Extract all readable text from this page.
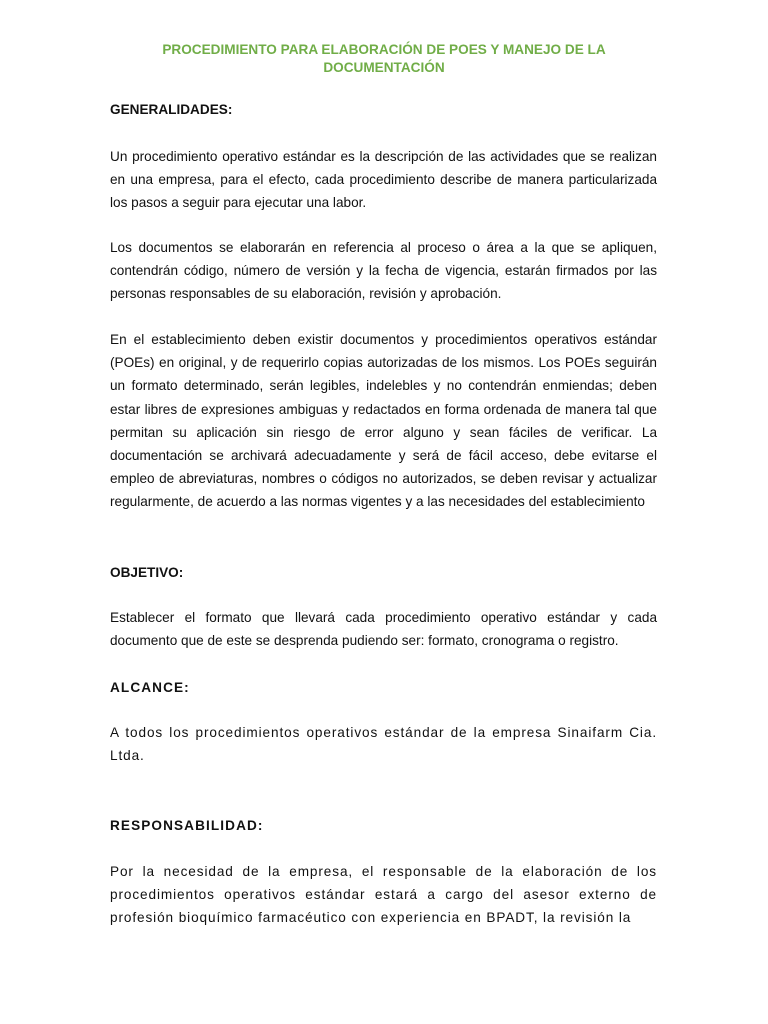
PROCEDIMIENTO PARA ELABORACIÓN DE POES Y MANEJO DE LA DOCUMENTACIÓN
GENERALIDADES:

Un procedimiento operativo estándar es la descripción de las actividades que se realizan en una empresa, para el efecto, cada procedimiento describe de manera particularizada los pasos a seguir para ejecutar una labor.

Los documentos se elaborarán en referencia al proceso o área a la que se apliquen, contendrán código, número de versión y la fecha de vigencia, estarán firmados por las personas responsables de su elaboración, revisión y aprobación.

En el establecimiento deben existir documentos y procedimientos operativos estándar (POEs) en original, y de requerirlo copias autorizadas de los mismos. Los POEs seguirán un formato determinado, serán legibles, indelebles y no contendrán enmiendas; deben estar libres de expresiones ambiguas y redactados en forma ordenada de manera tal que permitan su aplicación sin riesgo de error alguno y sean fáciles de verificar. La documentación se archivará adecuadamente y será de fácil acceso, debe evitarse el empleo de abreviaturas, nombres o códigos no autorizados, se deben revisar y actualizar regularmente, de acuerdo a las normas vigentes y a las necesidades del establecimiento

OBJETIVO:

Establecer el formato que llevará cada procedimiento operativo estándar y cada documento que de este se desprenda pudiendo ser: formato, cronograma o registro.

ALCANCE:

A todos los procedimientos operativos estándar de la empresa Sinaifarm Cia. Ltda.

RESPONSABILIDAD:

Por la necesidad de la empresa, el responsable de la elaboración de los procedimientos operativos estándar estará a cargo del asesor externo de profesión bioquímico farmacéutico con experiencia en BPADT, la revisión la
